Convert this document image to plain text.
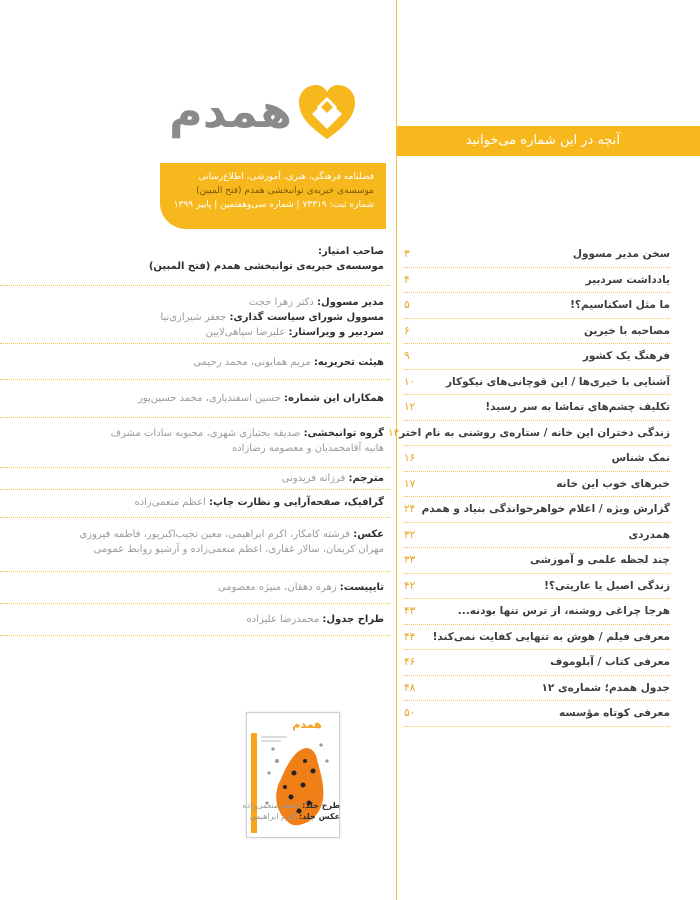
آنچه در این شماره می‌خوانید
سخن مدیر مسوول
۳
یادداشت سردبیر
۴
ما مثل اسکناسیم؟!
۵
مصاحبه با خیرین
۶
فرهنگ یک کشور
۹
آشنایی با خیری‌ها / این قوچانی‌های نیکوکار
۱۰
تکلیف چشم‌های تماشا به سر رسید!
۱۲
زندگی دختران این خانه / ستاره‌ی روشنی به نام اختر
۱۴
نمک شناس
۱۶
خبرهای خوب این خانه
۱۷
گزارش ویژه / اعلام خواهرخواندگی بنیاد و همدم
۲۴
همدردی
۳۲
چند لحظه علمی و آموزشی
۳۳
زندگی اصیل یا عاریتی؟!
۴۲
هرجا چراغی روشنه، از ترس تنها بودنه...
۴۳
معرفی فیلم / هوش به تنهایی کفایت نمی‌کند!
۴۴
معرفی کتاب / آبلوموف
۴۶
جدول همدم؛ شماره‌ی ۱۲
۴۸
معرفی کوتاه مؤسسه
۵۰
همدم
فصلنامه فرهنگی، هنری، آموزشی، اطلاع‌رسانی
موسسه‌ی خیریه‌ی توانبخشی همدم (فتح المبین)
شماره ثبت: ۷۳۳۱۹ | شماره سی‌وهفتمین | پاییز ۱۳۹۹
صاحب امتیاز:
موسسه‌ی خیریه‌ی توانبخشی همدم (فتح المبین)
مدیر مسوول: دکتر زهرا حجت
مسوول شورای سیاست گذاری: جعفر شیرازی‌نیا
سردبیر و ویراستار: علیرضا سپاهی‌لایین
هیئت تحریریه: مریم همایونی، محمد رحیمی
همکاران این شماره: حسین اسفندیاری، محمد حسین‌پور
گروه توانبخشی: صدیقه بختیاری شهری، محبوبه سادات مشرف
هانیه آقامحمدیان و معصومه رضازاده
مترجم: فرزانه فریدونی
گرافیک، صفحه‌آرایی و نظارت چاپ: اعظم منعمی‌زاده
عکس: فرشته کامکار، اکرم ابراهیمی، معین نجیب‌اکبرپور، فاطمه فیروزی
مهران کریمان، سالار غفاری، اعظم منعمی‌زاده و آرشیو روابط عمومی
تایپیست: زهره دهقان، منیژه معصومی
طراح جدول: محمدرضا علیزاده
همدم
طرح جلد: اعظم منعمی‌زاده
عکس جلد: اکرم ابراهیمی
